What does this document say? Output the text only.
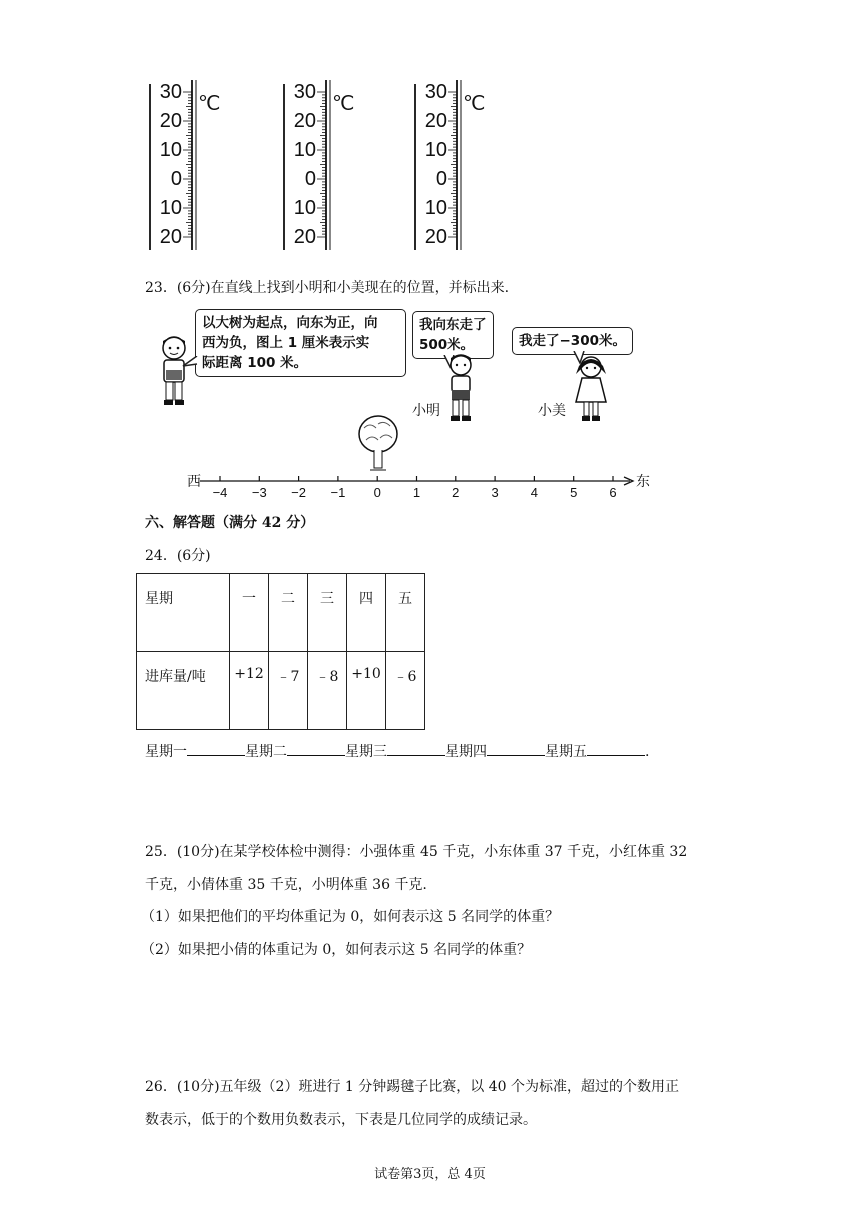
30
20
10
0
10
20
℃
30
20
10
0
10
20
℃
30
20
10
0
10
20
℃
23．(6分)在直线上找到小明和小美现在的位置，并标出来.
以大树为起点，向东为正，向
西为负，图上 1 厘米表示实
际距离 100 米。
我向东走了
500米。	我走了−300米。
小明	小美
西	东
−4 −3 −2 −1 0 1 2 3 4 5 6
六、解答题（满分 42 分）
24．(6分)
星期	一	二	三	四	五
进库量/吨	+12	﹣7	﹣8	+10	﹣6
星期一	星期二	星期三	星期四	星期五	.
25．(10分)在某学校体检中测得：小强体重 45 千克，小东体重 37 千克，小红体重 32
千克，小倩体重 35 千克，小明体重 36 千克.
（1）如果把他们的平均体重记为 0，如何表示这 5 名同学的体重？
（2）如果把小倩的体重记为 0，如何表示这 5 名同学的体重？
26．(10分)五年级（2）班进行 1 分钟踢毽子比赛，以 40 个为标准，超过的个数用正
数表示，低于的个数用负数表示，下表是几位同学的成绩记录。
试卷第3页，总 4页
